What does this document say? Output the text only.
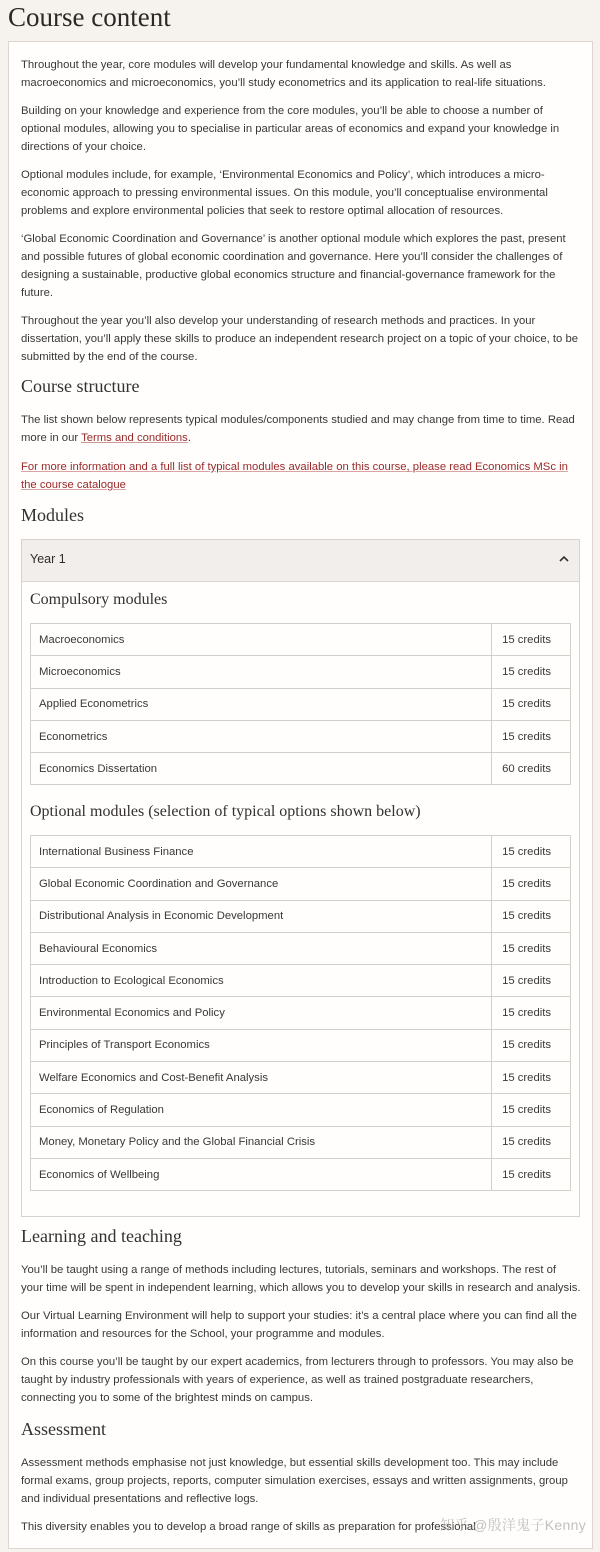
Course content

Throughout the year, core modules will develop your fundamental knowledge and skills. As well as macroeconomics and microeconomics, you’ll study econometrics and its application to real-life situations.

Building on your knowledge and experience from the core modules, you’ll be able to choose a number of optional modules, allowing you to specialise in particular areas of economics and expand your knowledge in directions of your choice.

Optional modules include, for example, ‘Environmental Economics and Policy’, which introduces a micro-economic approach to pressing environmental issues. On this module, you’ll conceptualise environmental problems and explore environmental policies that seek to restore optimal allocation of resources.

‘Global Economic Coordination and Governance’ is another optional module which explores the past, present and possible futures of global economic coordination and governance. Here you’ll consider the challenges of designing a sustainable, productive global economics structure and financial-governance framework for the future.

Throughout the year you’ll also develop your understanding of research methods and practices. In your dissertation, you’ll apply these skills to produce an independent research project on a topic of your choice, to be submitted by the end of the course.

Course structure

The list shown below represents typical modules/components studied and may change from time to time. Read more in our Terms and conditions.

For more information and a full list of typical modules available on this course, please read Economics MSc in the course catalogue

Modules
Year 1
Compulsory modules
Macroeconomics	15 credits
Microeconomics	15 credits
Applied Econometrics	15 credits
Econometrics	15 credits
Economics Dissertation	60 credits
Optional modules (selection of typical options shown below)
International Business Finance	15 credits
Global Economic Coordination and Governance	15 credits
Distributional Analysis in Economic Development	15 credits
Behavioural Economics	15 credits
Introduction to Ecological Economics	15 credits
Environmental Economics and Policy	15 credits
Principles of Transport Economics	15 credits
Welfare Economics and Cost-Benefit Analysis	15 credits
Economics of Regulation	15 credits
Money, Monetary Policy and the Global Financial Crisis	15 credits
Economics of Wellbeing	15 credits
Learning and teaching

You’ll be taught using a range of methods including lectures, tutorials, seminars and workshops. The rest of your time will be spent in independent learning, which allows you to develop your skills in research and analysis.

Our Virtual Learning Environment will help to support your studies: it’s a central place where you can find all the information and resources for the School, your programme and modules.

On this course you’ll be taught by our expert academics, from lecturers through to professors. You may also be taught by industry professionals with years of experience, as well as trained postgraduate researchers, connecting you to some of the brightest minds on campus.

Assessment

Assessment methods emphasise not just knowledge, but essential skills development too. This may include formal exams, group projects, reports, computer simulation exercises, essays and written assignments, group and individual presentations and reflective logs.

This diversity enables you to develop a broad range of skills as preparation for professional

知乎 @殷洋鬼子Kenny
